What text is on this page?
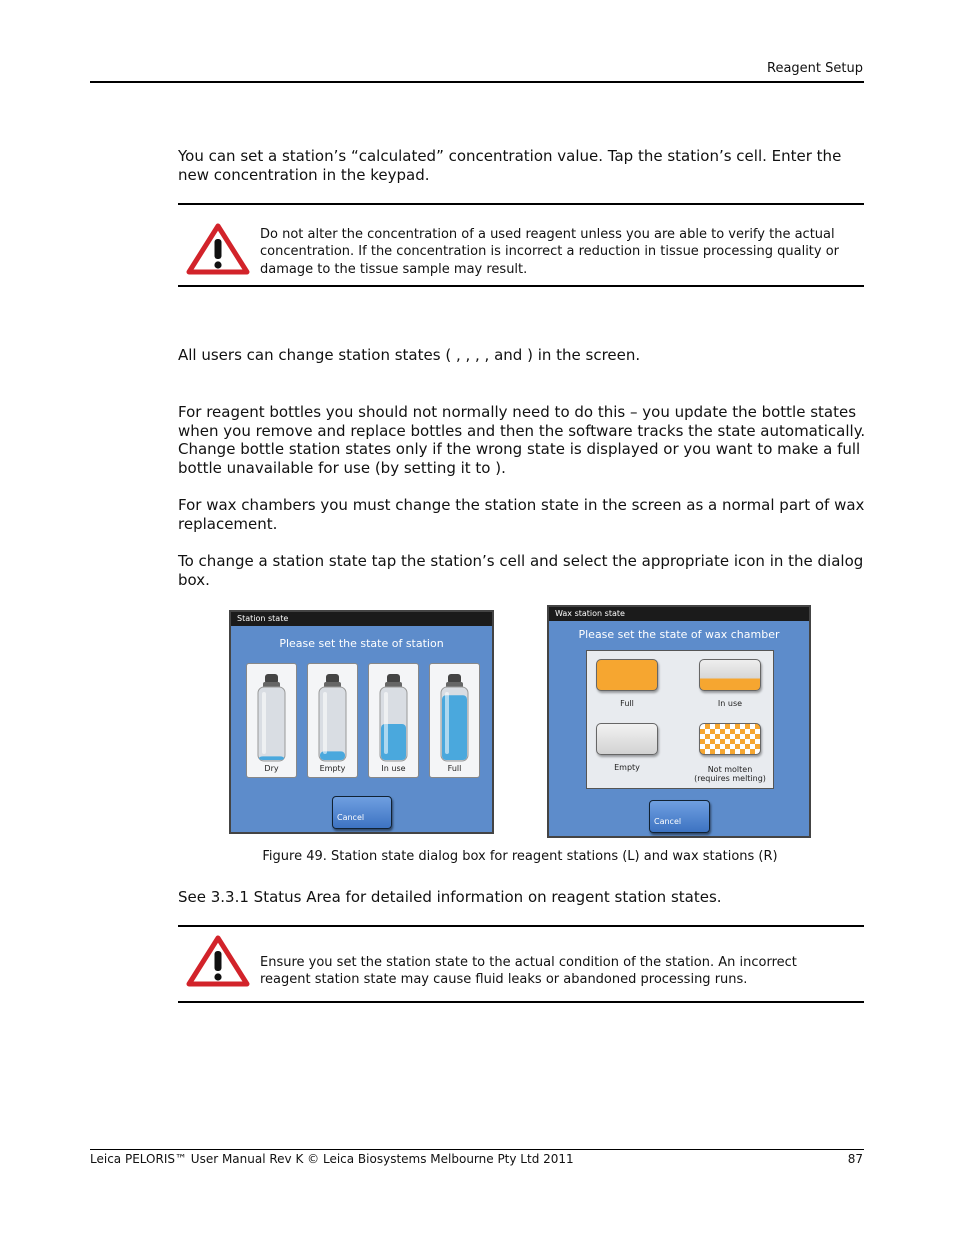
Reagent Setup
You can set a station’s “calculated” concentration value. Tap the station’s cell. Enter the new concentration in the keypad.
Do not alter the concentration of a used reagent unless you are able to verify the actual concentration. If the concentration is incorrect a reduction in tissue processing quality or damage to the tissue sample may result.
All users can change station states ( , , , , and ) in the screen.
For reagent bottles you should not normally need to do this – you update the bottle states when you remove and replace bottles and then the software tracks the state automatically. Change bottle station states only if the wrong state is displayed or you want to make a full bottle unavailable for use (by setting it to ).
For wax chambers you must change the station state in the screen as a normal part of wax replacement.
To change a station state tap the station’s cell and select the appropriate icon in the dialog box.
Station state
Please set the state of station
Dry	Empty	In use	Full
Cancel
Wax station state
Please set the state of wax chamber
Full	In use
Empty	Not molten (requires melting)
Cancel
Figure 49. Station state dialog box for reagent stations (L) and wax stations (R)
See 3.3.1 Status Area for detailed information on reagent station states.
Ensure you set the station state to the actual condition of the station. An incorrect reagent station state may cause fluid leaks or abandoned processing runs.
Leica PELORIS™ User Manual Rev K © Leica Biosystems Melbourne Pty Ltd 2011	87
